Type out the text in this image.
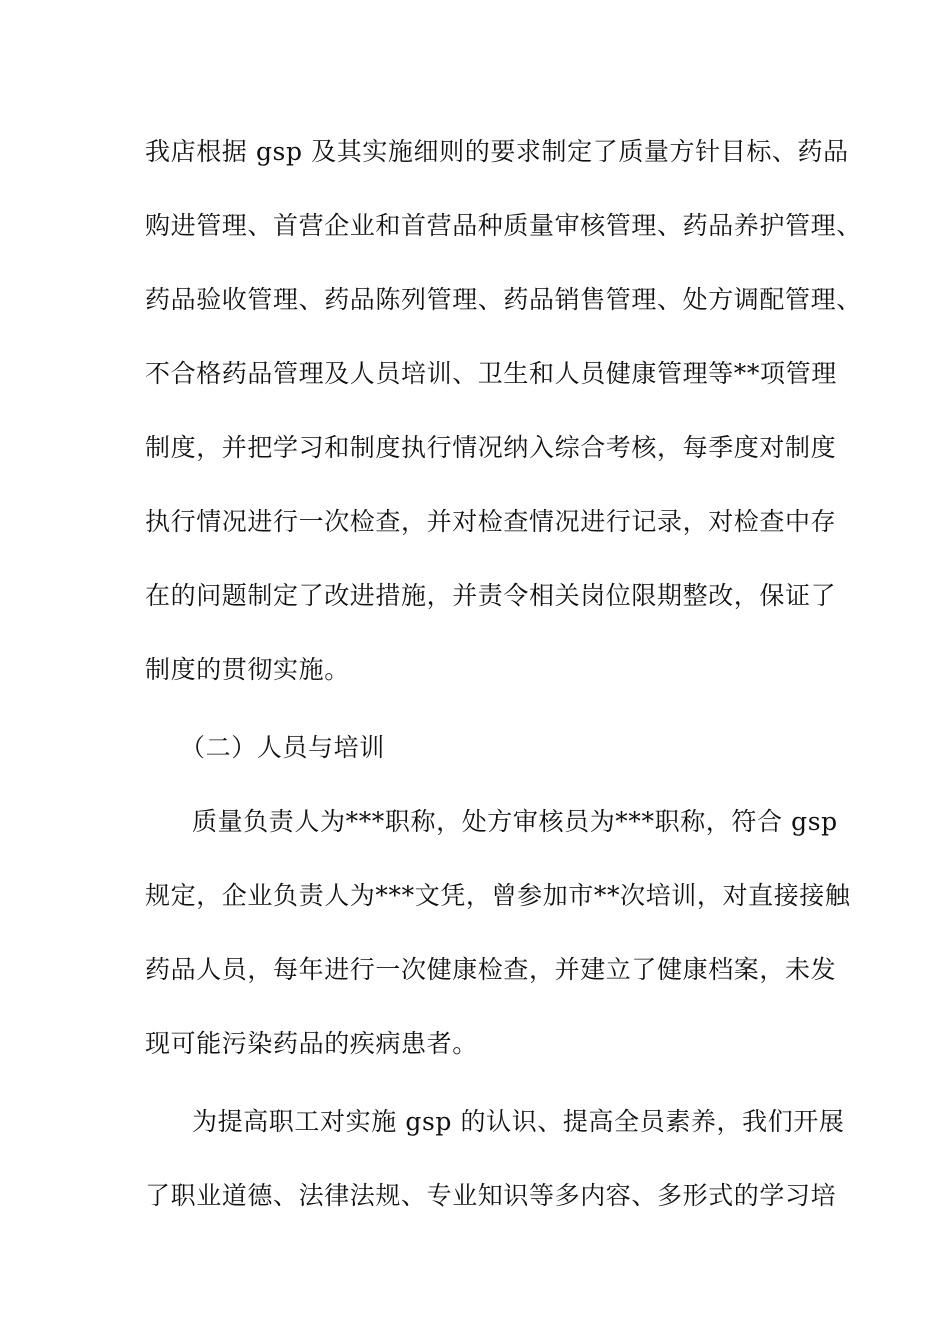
我店根据 gsp 及其实施细则的要求制定了质量方针目标、药品
购进管理、首营企业和首营品种质量审核管理、药品养护管理、
药品验收管理、药品陈列管理、药品销售管理、处方调配管理、
不合格药品管理及人员培训、卫生和人员健康管理等**项管理
制度，并把学习和制度执行情况纳入综合考核，每季度对制度
执行情况进行一次检查，并对检查情况进行记录，对检查中存
在的问题制定了改进措施，并责令相关岗位限期整改，保证了
制度的贯彻实施。
（二）人员与培训
质量负责人为***职称，处方审核员为***职称，符合 gsp
规定，企业负责人为***文凭，曾参加市**次培训，对直接接触
药品人员，每年进行一次健康检查，并建立了健康档案，未发
现可能污染药品的疾病患者。
为提高职工对实施 gsp 的认识、提高全员素养，我们开展
了职业道德、法律法规、专业知识等多内容、多形式的学习培
